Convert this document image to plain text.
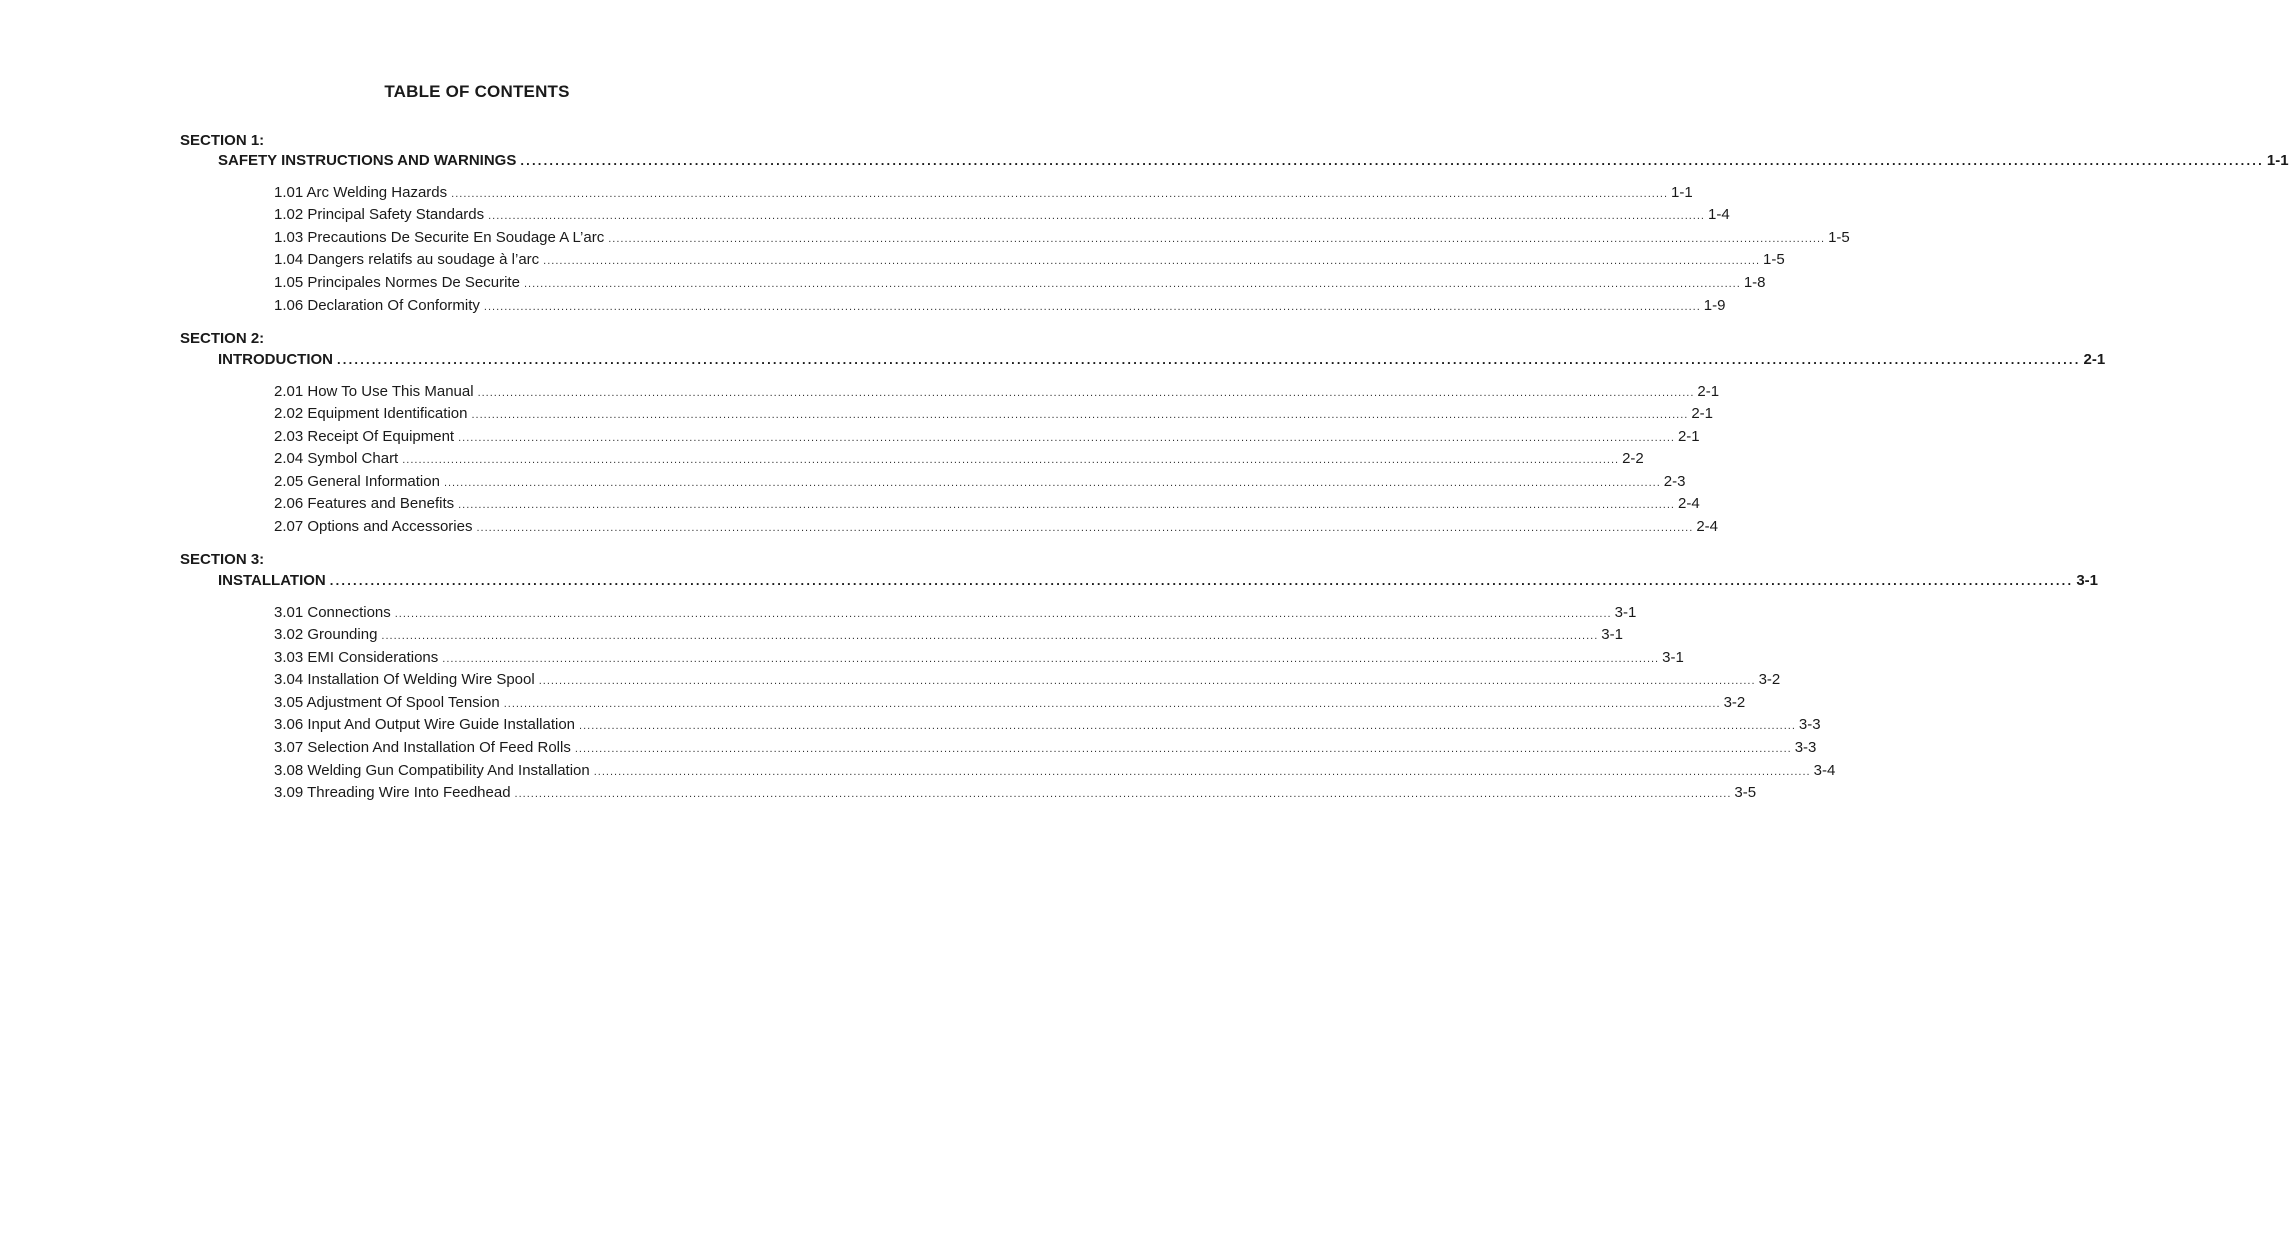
TABLE OF CONTENTS
SECTION 1:
SAFETY INSTRUCTIONS AND WARNINGS ............................................................................................................................................................................................................................................................................................................ 1-1
1.01 Arc Welding Hazards ............................................................................................................................................................................................................................................................................................................ 1-1
1.02 Principal Safety Standards ............................................................................................................................................................................................................................................................................................................ 1-4
1.03 Precautions De Securite En Soudage A L’arc ............................................................................................................................................................................................................................................................................................................ 1-5
1.04 Dangers relatifs au soudage à l’arc ............................................................................................................................................................................................................................................................................................................ 1-5
1.05 Principales Normes De Securite ............................................................................................................................................................................................................................................................................................................ 1-8
1.06 Declaration Of Conformity ............................................................................................................................................................................................................................................................................................................ 1-9
SECTION 2:
INTRODUCTION ............................................................................................................................................................................................................................................................................................................ 2-1
2.01 How To Use This Manual ............................................................................................................................................................................................................................................................................................................ 2-1
2.02 Equipment Identification ............................................................................................................................................................................................................................................................................................................ 2-1
2.03 Receipt Of Equipment ............................................................................................................................................................................................................................................................................................................ 2-1
2.04 Symbol Chart ............................................................................................................................................................................................................................................................................................................ 2-2
2.05 General Information ............................................................................................................................................................................................................................................................................................................ 2-3
2.06 Features and Benefits ............................................................................................................................................................................................................................................................................................................ 2-4
2.07 Options and Accessories ............................................................................................................................................................................................................................................................................................................ 2-4
SECTION 3:
INSTALLATION ............................................................................................................................................................................................................................................................................................................ 3-1
3.01 Connections ............................................................................................................................................................................................................................................................................................................ 3-1
3.02 Grounding ............................................................................................................................................................................................................................................................................................................ 3-1
3.03 EMI Considerations ............................................................................................................................................................................................................................................................................................................ 3-1
3.04 Installation Of Welding Wire Spool ............................................................................................................................................................................................................................................................................................................ 3-2
3.05 Adjustment Of Spool Tension ............................................................................................................................................................................................................................................................................................................ 3-2
3.06 Input And Output Wire Guide Installation ............................................................................................................................................................................................................................................................................................................ 3-3
3.07 Selection And Installation Of Feed Rolls ............................................................................................................................................................................................................................................................................................................ 3-3
3.08 Welding Gun Compatibility And Installation ............................................................................................................................................................................................................................................................................................................ 3-4
3.09 Threading Wire Into Feedhead ............................................................................................................................................................................................................................................................................................................ 3-5
